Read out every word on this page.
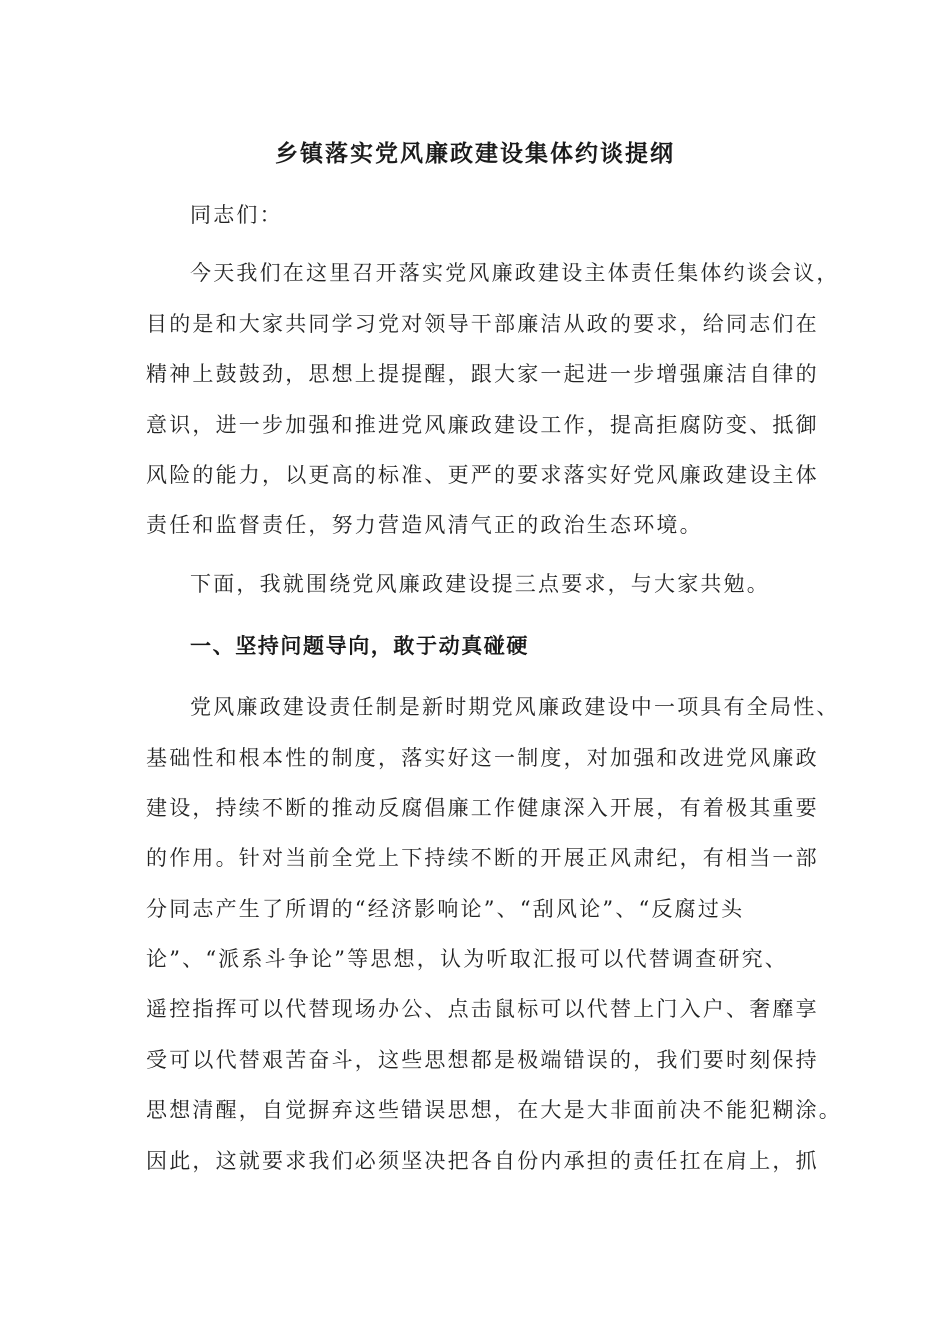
乡镇落实党风廉政建设集体约谈提纲
同志们：
今天我们在这里召开落实党风廉政建设主体责任集体约谈会议，
目的是和大家共同学习党对领导干部廉洁从政的要求，给同志们在
精神上鼓鼓劲，思想上提提醒，跟大家一起进一步增强廉洁自律的
意识，进一步加强和推进党风廉政建设工作，提高拒腐防变、抵御
风险的能力，以更高的标准、更严的要求落实好党风廉政建设主体
责任和监督责任，努力营造风清气正的政治生态环境。
下面，我就围绕党风廉政建设提三点要求，与大家共勉。
一、坚持问题导向，敢于动真碰硬
党风廉政建设责任制是新时期党风廉政建设中一项具有全局性、
基础性和根本性的制度，落实好这一制度，对加强和改进党风廉政
建设，持续不断的推动反腐倡廉工作健康深入开展，有着极其重要
的作用。针对当前全党上下持续不断的开展正风肃纪，有相当一部
分同志产生了所谓的“经济影响论”、“刮风论”、“反腐过头
论”、“派系斗争论”等思想，认为听取汇报可以代替调查研究、
遥控指挥可以代替现场办公、点击鼠标可以代替上门入户、奢靡享
受可以代替艰苦奋斗，这些思想都是极端错误的，我们要时刻保持
思想清醒，自觉摒弃这些错误思想，在大是大非面前决不能犯糊涂。
因此，这就要求我们必须坚决把各自份内承担的责任扛在肩上，抓
